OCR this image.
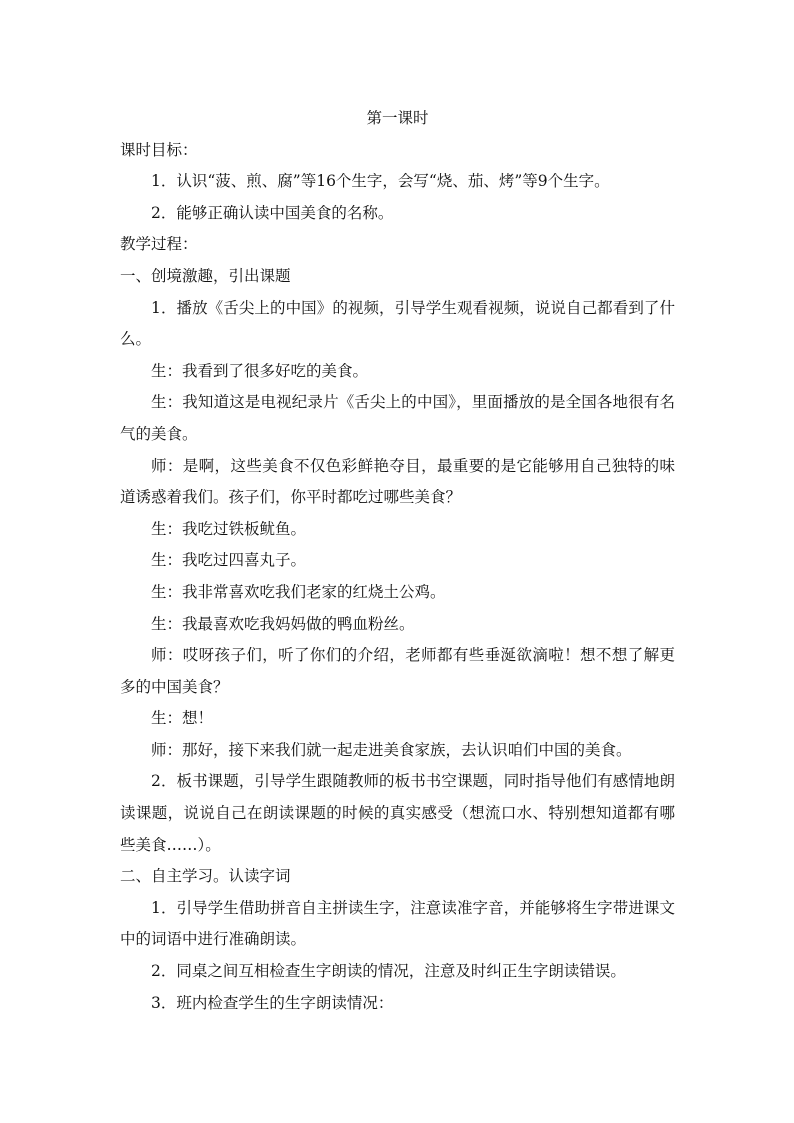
第一课时

课时目标：

1．认识“菠、煎、腐”等16个生字，会写“烧、茄、烤”等9个生字。

2．能够正确认读中国美食的名称。

教学过程：

一、创境激趣，引出课题

1．播放《舌尖上的中国》的视频，引导学生观看视频，说说自己都看到了什么。

生：我看到了很多好吃的美食。

生：我知道这是电视纪录片《舌尖上的中国》，里面播放的是全国各地很有名气的美食。

师：是啊，这些美食不仅色彩鲜艳夺目，最重要的是它能够用自己独特的味道诱惑着我们。孩子们，你平时都吃过哪些美食？

生：我吃过铁板鱿鱼。

生：我吃过四喜丸子。

生：我非常喜欢吃我们老家的红烧土公鸡。

生：我最喜欢吃我妈妈做的鸭血粉丝。

师：哎呀孩子们，听了你们的介绍，老师都有些垂涎欲滴啦！想不想了解更多的中国美食？

生：想！

师：那好，接下来我们就一起走进美食家族，去认识咱们中国的美食。

2．板书课题，引导学生跟随教师的板书书空课题，同时指导他们有感情地朗读课题，说说自己在朗读课题的时候的真实感受（想流口水、特别想知道都有哪些美食……）。

二、自主学习。认读字词

1．引导学生借助拼音自主拼读生字，注意读准字音，并能够将生字带进课文中的词语中进行准确朗读。

2．同桌之间互相检查生字朗读的情况，注意及时纠正生字朗读错误。

3．班内检查学生的生字朗读情况：
